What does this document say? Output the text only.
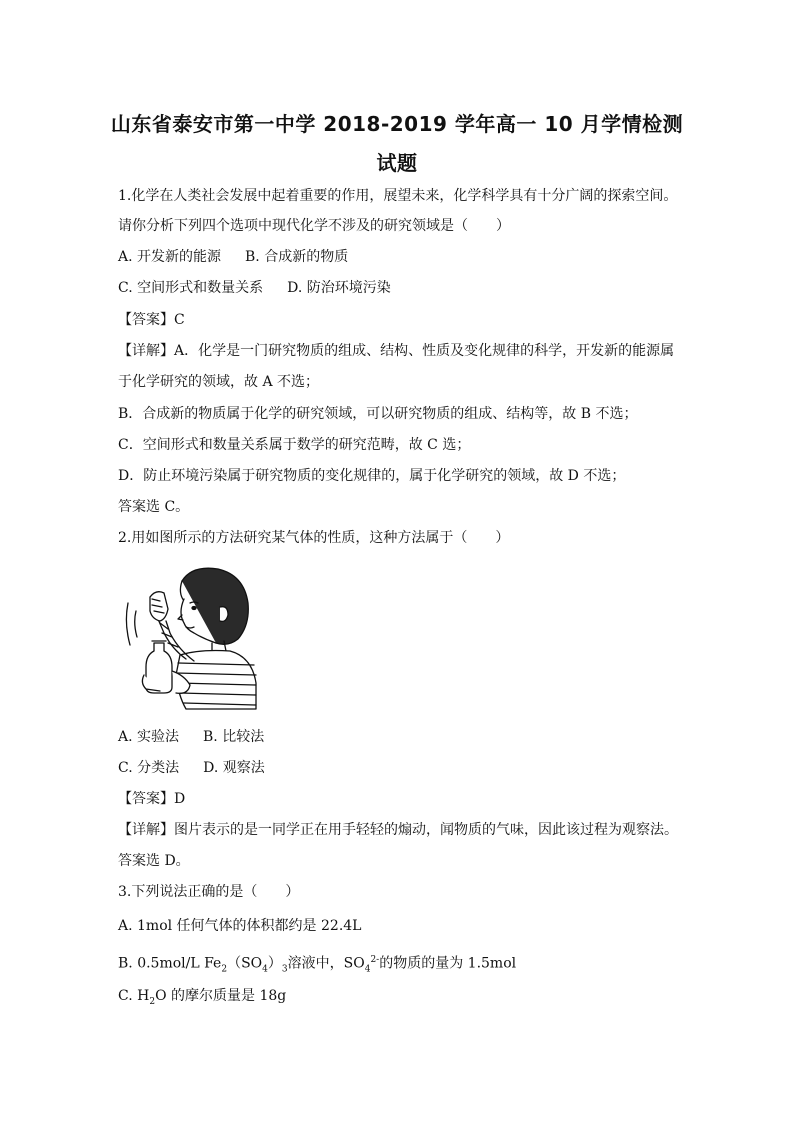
山东省泰安市第一中学 2018-2019 学年高一 10 月学情检测
试题
1.化学在人类社会发展中起着重要的作用，展望未来，化学科学具有十分广阔的探索空间。
请你分析下列四个选项中现代化学不涉及的研究领域是（　　）
A. 开发新的能源 B. 合成新的物质
C. 空间形式和数量关系 D. 防治环境污染
【答案】C
【详解】A．化学是一门研究物质的组成、结构、性质及变化规律的科学，开发新的能源属
于化学研究的领域，故 A 不选；
B．合成新的物质属于化学的研究领域，可以研究物质的组成、结构等，故 B 不选；
C．空间形式和数量关系属于数学的研究范畴，故 C 选；
D．防止环境污染属于研究物质的变化规律的，属于化学研究的领域，故 D 不选；
答案选 C。
2.用如图所示的方法研究某气体的性质，这种方法属于（　　）
A. 实验法 B. 比较法
C. 分类法 D. 观察法
【答案】D
【详解】图片表示的是一同学正在用手轻轻的煽动，闻物质的气味，因此该过程为观察法。
答案选 D。
3.下列说法正确的是（　　）
A. 1mol 任何气体的体积都约是 22.4L
B. 0.5mol/L $Fe_2(SO_4)_3$溶液中，$SO_4^{2-}$的物质的量为 1.5mol
C. $H_2O$ 的摩尔质量是 18g
